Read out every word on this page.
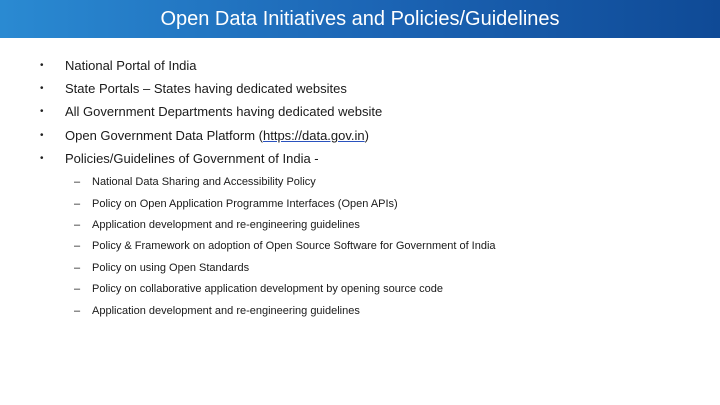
Open Data Initiatives and Policies/Guidelines
•	National Portal of India
•	State Portals – States having dedicated websites
•	All Government Departments having dedicated website
•	Open Government Data Platform (https://data.gov.in)
•	Policies/Guidelines of Government of India -
– National Data Sharing and Accessibility Policy
– Policy on Open Application Programme Interfaces (Open APIs)
– Application development and re-engineering guidelines
– Policy & Framework on adoption of Open Source Software for Government of India
– Policy on using Open Standards
– Policy on collaborative application development by opening source code
– Application development and re-engineering guidelines
